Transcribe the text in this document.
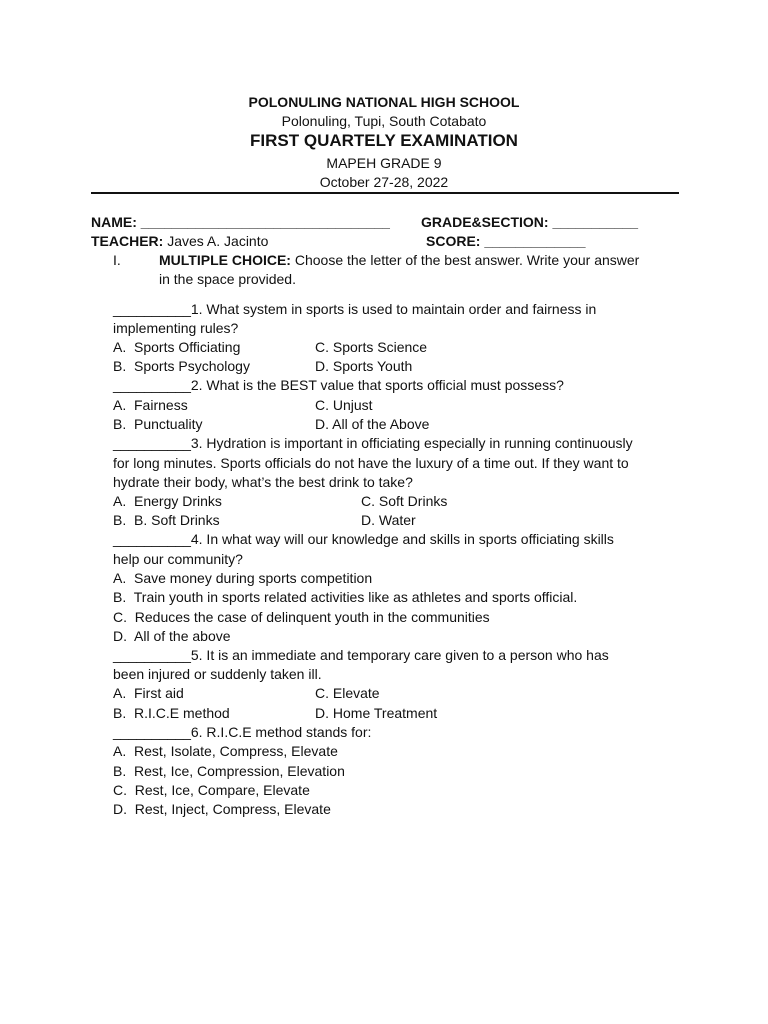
POLONULING NATIONAL HIGH SCHOOL
Polonuling, Tupi, South Cotabato
FIRST QUARTELY EXAMINATION
MAPEH GRADE 9
October 27-28, 2022
NAME: ________________________________ GRADE&SECTION: ___________
TEACHER: Javes A. Jacinto	SCORE: _____________
I.	MULTIPLE CHOICE: Choose the letter of the best answer. Write your answer
in the space provided.
__________1. What system in sports is used to maintain order and fairness in
implementing rules?
A.  Sports Officiating	C. Sports Science
B.  Sports Psychology	D. Sports Youth
__________2. What is the BEST value that sports official must possess?
A.  Fairness	C. Unjust
B.  Punctuality	D. All of the Above
__________3. Hydration is important in officiating especially in running continuously
for long minutes. Sports officials do not have the luxury of a time out. If they want to
hydrate their body, what’s the best drink to take?
A.  Energy Drinks	C. Soft Drinks
B.  B. Soft Drinks	D. Water
__________4. In what way will our knowledge and skills in sports officiating skills
help our community?
A.  Save money during sports competition
B.  Train youth in sports related activities like as athletes and sports official.
C.  Reduces the case of delinquent youth in the communities
D.  All of the above
__________5. It is an immediate and temporary care given to a person who has
been injured or suddenly taken ill.
A.  First aid	C. Elevate
B.  R.I.C.E method	D. Home Treatment
__________6. R.I.C.E method stands for:
A.  Rest, Isolate, Compress, Elevate
B.  Rest, Ice, Compression, Elevation
C.  Rest, Ice, Compare, Elevate
D.  Rest, Inject, Compress, Elevate
